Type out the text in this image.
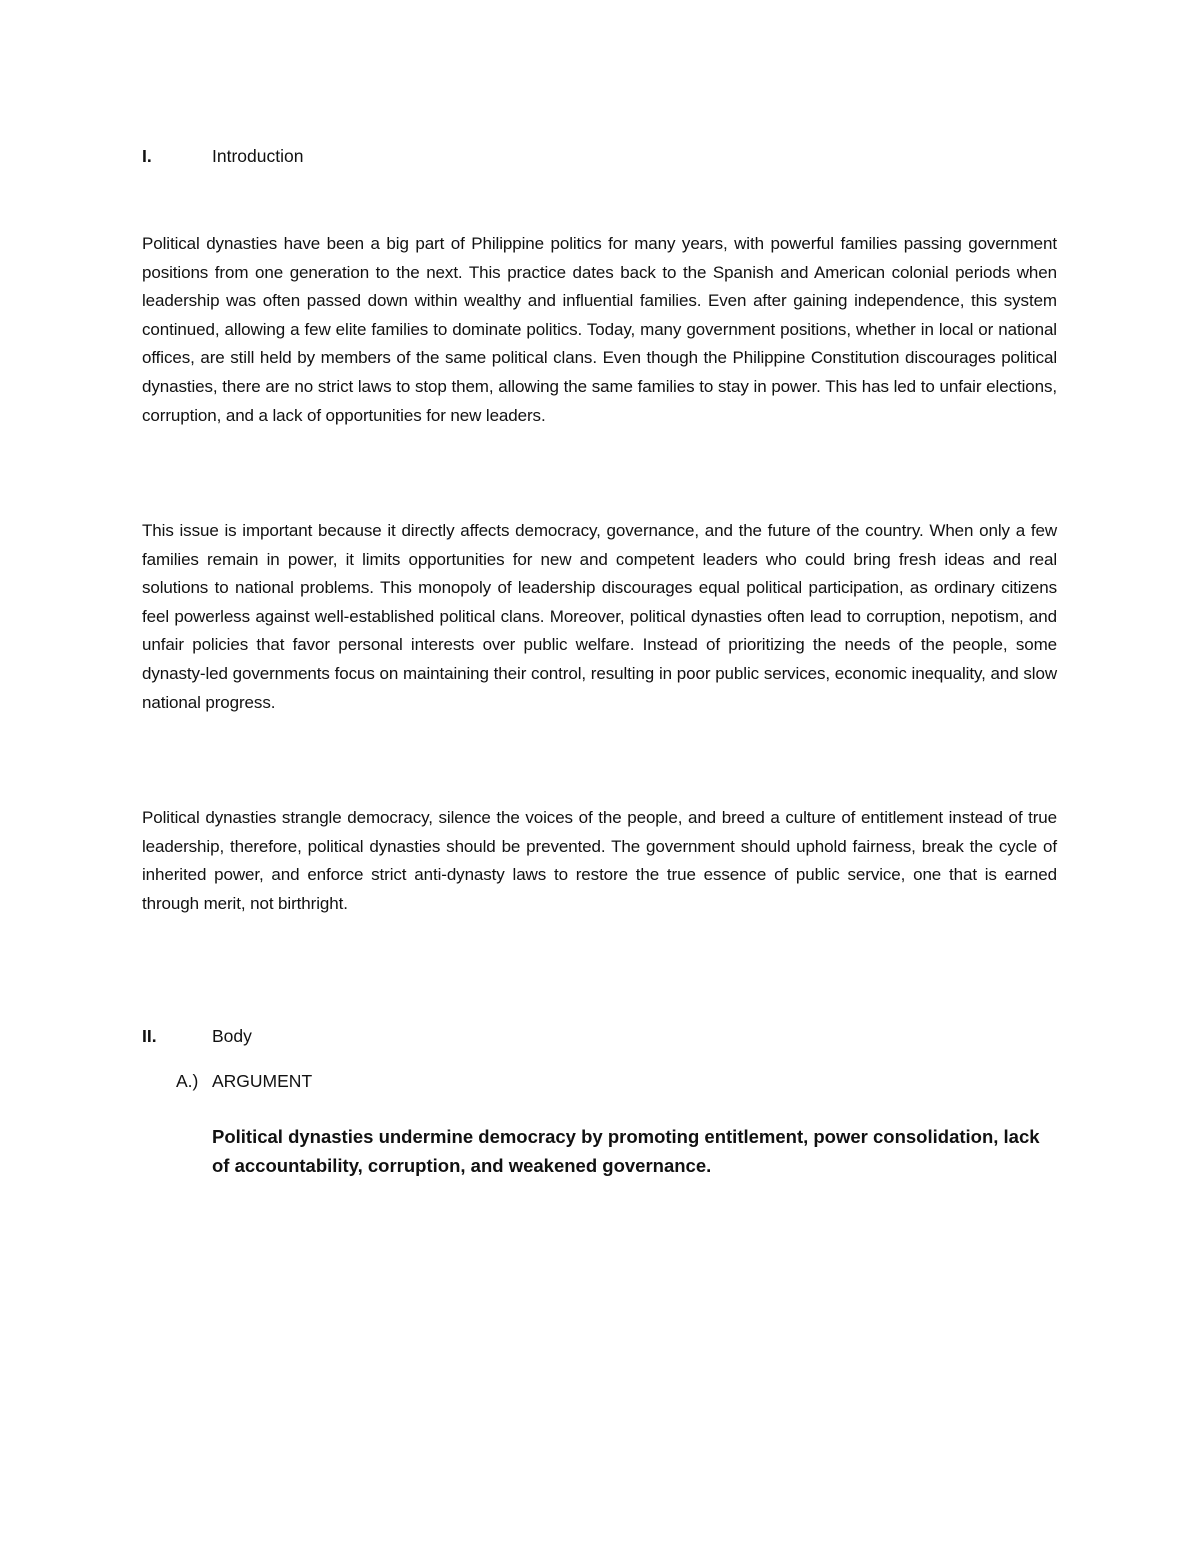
I.	Introduction

Political dynasties have been a big part of Philippine politics for many years, with powerful families passing government positions from one generation to the next. This practice dates back to the Spanish and American colonial periods when leadership was often passed down within wealthy and influential families. Even after gaining independence, this system continued, allowing a few elite families to dominate politics. Today, many government positions, whether in local or national offices, are still held by members of the same political clans. Even though the Philippine Constitution discourages political dynasties, there are no strict laws to stop them, allowing the same families to stay in power. This has led to unfair elections, corruption, and a lack of opportunities for new leaders.

This issue is important because it directly affects democracy, governance, and the future of the country. When only a few families remain in power, it limits opportunities for new and competent leaders who could bring fresh ideas and real solutions to national problems. This monopoly of leadership discourages equal political participation, as ordinary citizens feel powerless against well-established political clans. Moreover, political dynasties often lead to corruption, nepotism, and unfair policies that favor personal interests over public welfare. Instead of prioritizing the needs of the people, some dynasty-led governments focus on maintaining their control, resulting in poor public services, economic inequality, and slow national progress.

Political dynasties strangle democracy, silence the voices of the people, and breed a culture of entitlement instead of true leadership, therefore, political dynasties should be prevented. The government should uphold fairness, break the cycle of inherited power, and enforce strict anti-dynasty laws to restore the true essence of public service, one that is earned through merit, not birthright.

II.	Body
A.) ARGUMENT

Political dynasties undermine democracy by promoting entitlement, power consolidation, lack of accountability, corruption, and weakened governance.
